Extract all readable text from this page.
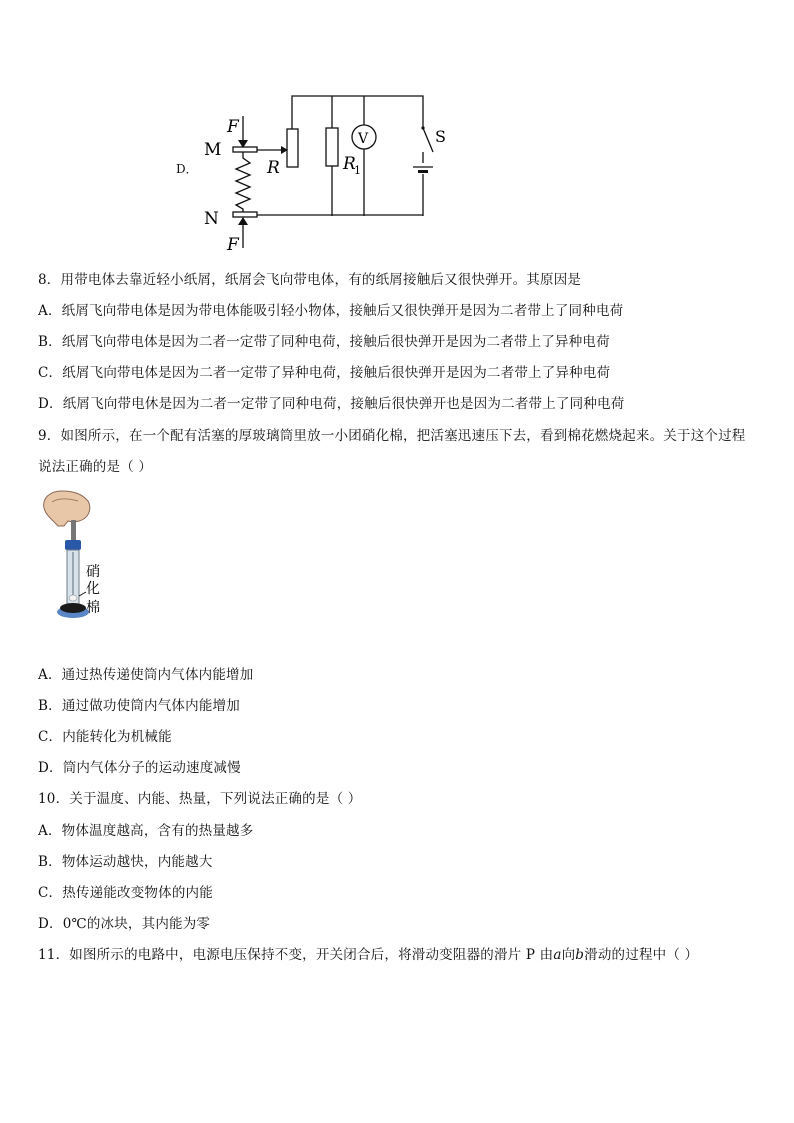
D．
F
M
N
F
R	R
1
V	S
8．用带电体去靠近轻小纸屑，纸屑会飞向带电体，有的纸屑接触后又很快弹开。其原因是
A．纸屑飞向带电体是因为带电体能吸引轻小物体，接触后又很快弹开是因为二者带上了同种电荷
B．纸屑飞向带电体是因为二者一定带了同种电荷，接触后很快弹开是因为二者带上了异种电荷
C．纸屑飞向带电体是因为二者一定带了异种电荷，接触后很快弹开是因为二者带上了异种电荷
D．纸屑飞向带电休是因为二者一定带了同种电荷，接触后很快弹开也是因为二者带上了同种电荷
9．如图所示，在一个配有活塞的厚玻璃筒里放一小团硝化棉，把活塞迅速压下去，看到棉花燃烧起来。关于这个过程
说法正确的是（ ）
硝
化
棉
A．通过热传递使筒内气体内能增加
B．通过做功使筒内气体内能增加
C．内能转化为机械能
D．筒内气体分子的运动速度减慢
10．关于温度、内能、热量，下列说法正确的是（ ）
A．物体温度越高，含有的热量越多
B．物体运动越快，内能越大
C．热传递能改变物体的内能
D．0℃的冰块，其内能为零
11．如图所示的电路中，电源电压保持不变，开关闭合后，将滑动变阻器的滑片 P 由a向b滑动的过程中（ ）
